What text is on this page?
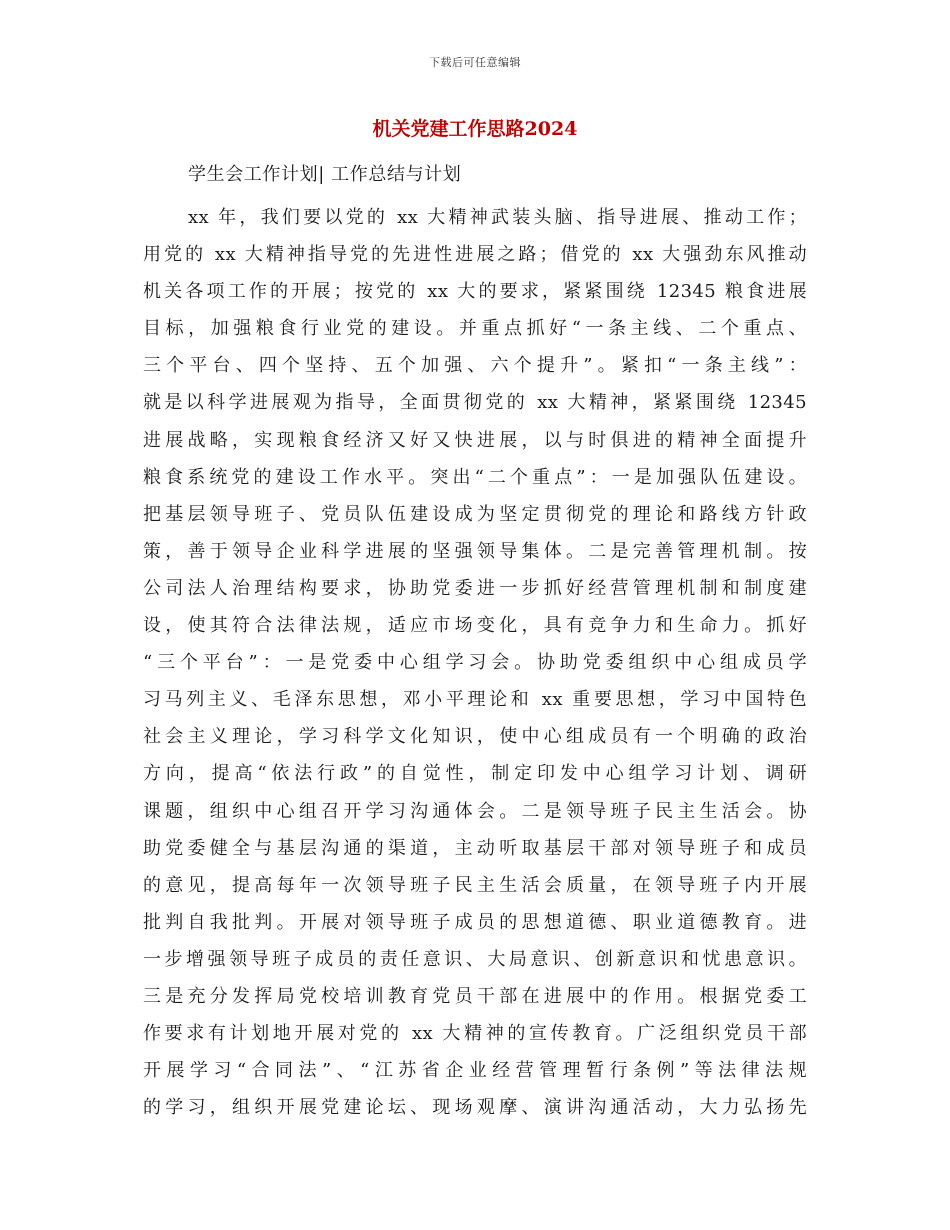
下载后可任意编辑
机关党建工作思路2024
学生会工作计划| 工作总结与计划
xx 年，我们要以党的 xx 大精神武装头脑、指导进展、推动工作；
用党的 xx 大精神指导党的先进性进展之路；借党的 xx 大强劲东风推动
机关各项工作的开展；按党的 xx 大的要求，紧紧围绕 12345 粮食进展
目标，加强粮食行业党的建设。并重点抓好“一条主线、二个重点、
三个平台、四个坚持、五个加强、六个提升”。紧扣“一条主线”：
就是以科学进展观为指导，全面贯彻党的 xx 大精神，紧紧围绕 12345
进展战略，实现粮食经济又好又快进展，以与时俱进的精神全面提升
粮食系统党的建设工作水平。突出“二个重点”：一是加强队伍建设。
把基层领导班子、党员队伍建设成为坚定贯彻党的理论和路线方针政
策，善于领导企业科学进展的坚强领导集体。二是完善管理机制。按
公司法人治理结构要求，协助党委进一步抓好经营管理机制和制度建
设，使其符合法律法规，适应市场变化，具有竞争力和生命力。抓好
“三个平台”：一是党委中心组学习会。协助党委组织中心组成员学
习马列主义、毛泽东思想，邓小平理论和 xx 重要思想，学习中国特色
社会主义理论，学习科学文化知识，使中心组成员有一个明确的政治
方向，提高“依法行政”的自觉性，制定印发中心组学习计划、调研
课题，组织中心组召开学习沟通体会。二是领导班子民主生活会。协
助党委健全与基层沟通的渠道，主动听取基层干部对领导班子和成员
的意见，提高每年一次领导班子民主生活会质量，在领导班子内开展
批判自我批判。开展对领导班子成员的思想道德、职业道德教育。进
一步增强领导班子成员的责任意识、大局意识、创新意识和忧患意识。
三是充分发挥局党校培训教育党员干部在进展中的作用。根据党委工
作要求有计划地开展对党的 xx 大精神的宣传教育。广泛组织党员干部
开展学习“合同法”、“江苏省企业经营管理暂行条例”等法律法规
的学习，组织开展党建论坛、现场观摩、演讲沟通活动，大力弘扬先
